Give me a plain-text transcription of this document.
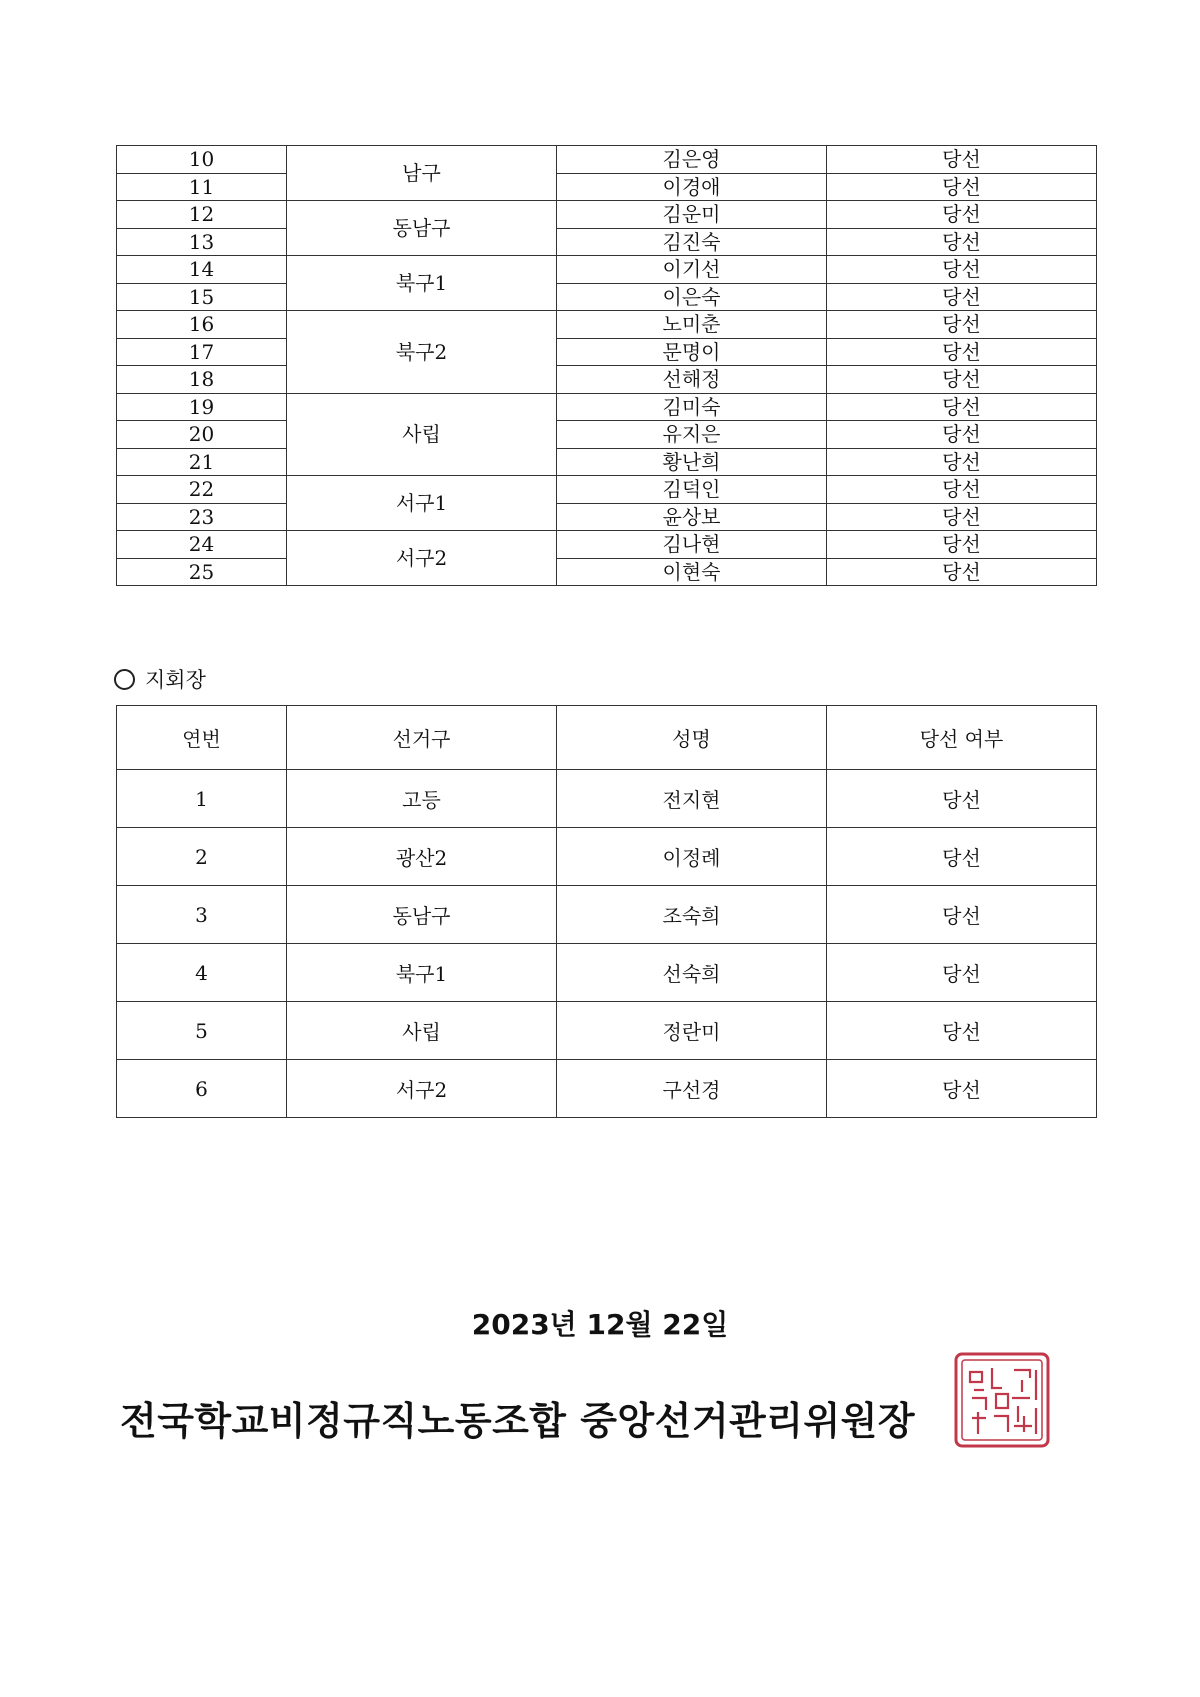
10	남구	김은영	당선
11		이경애	당선
12	동남구	김운미	당선
13		김진숙	당선
14	북구1	이기선	당선
15		이은숙	당선
16	북구2	노미춘	당선
17		문명이	당선
18		선해정	당선
19	사립	김미숙	당선
20		유지은	당선
21		황난희	당선
22	서구1	김덕인	당선
23		윤상보	당선
24	서구2	김나현	당선
25		이현숙	당선
지회장
연번	선거구	성명	당선 여부
1	고등	전지현	당선
2	광산2	이정례	당선
3	동남구	조숙희	당선
4	북구1	선숙희	당선
5	사립	정란미	당선
6	서구2	구선경	당선
2023년 12월 22일
전국학교비정규직노동조합 중앙선거관리위원장
